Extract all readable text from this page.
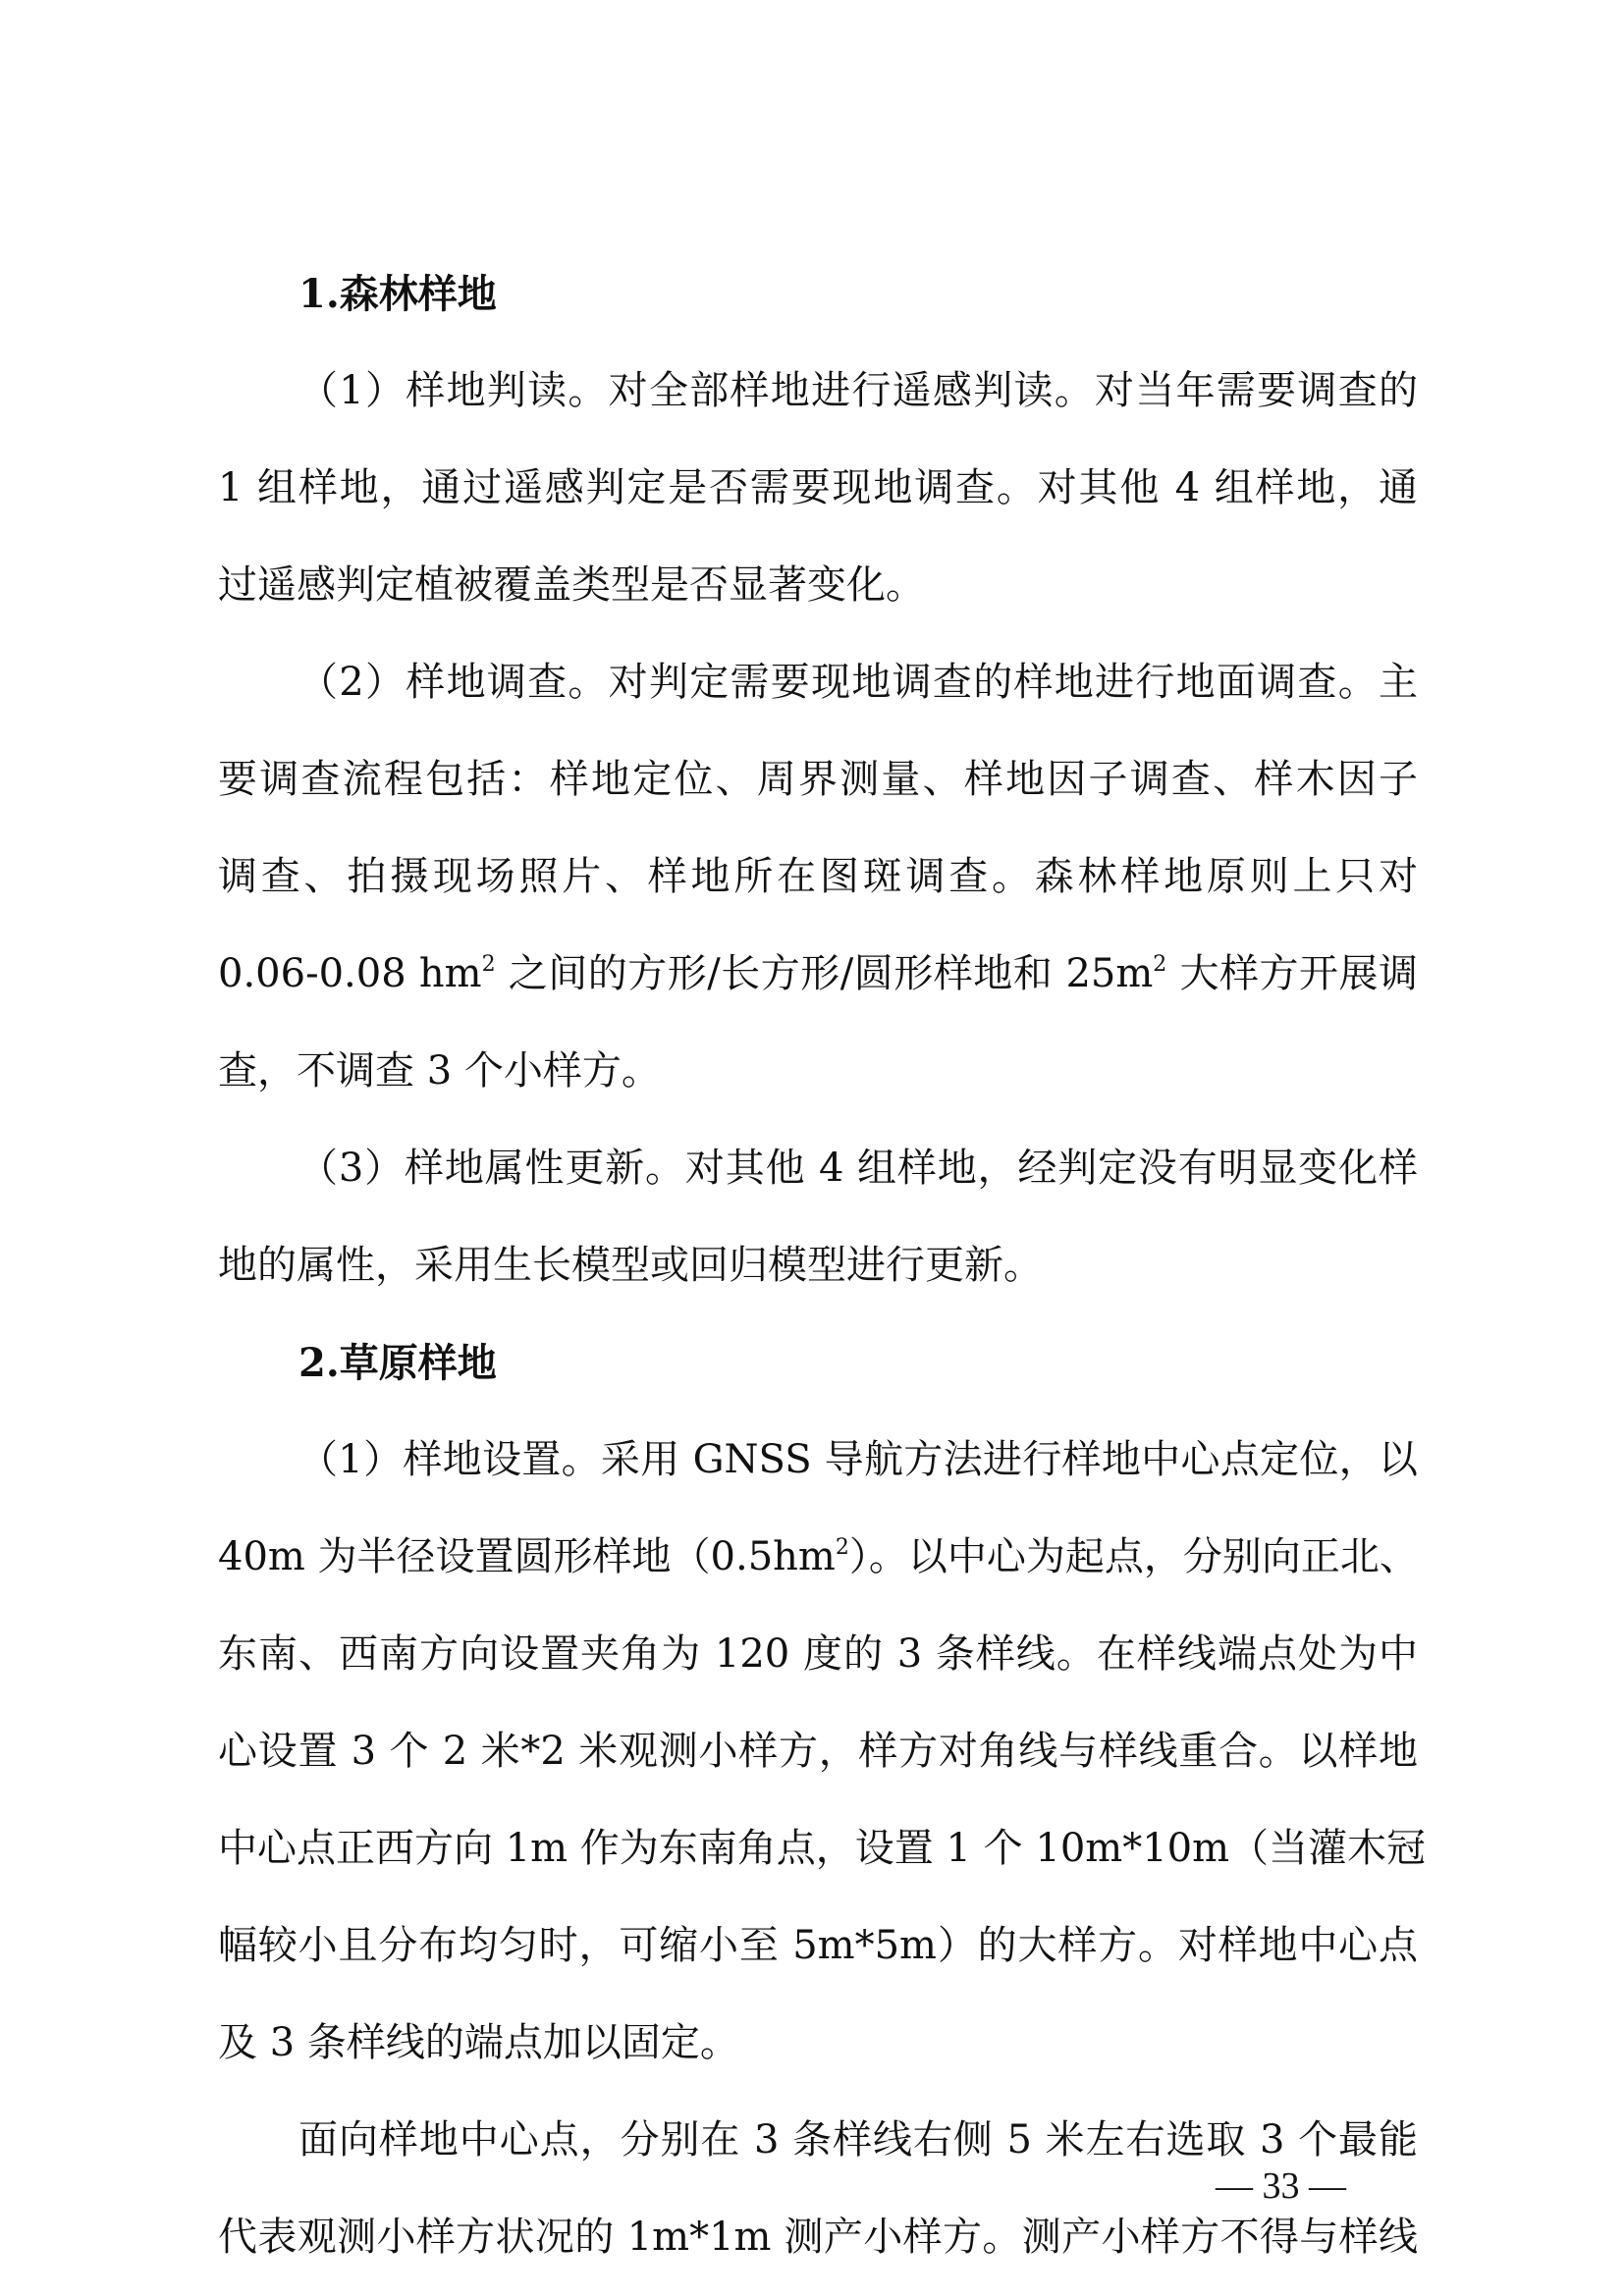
1.森林样地

（1）样地判读。对全部样地进行遥感判读。对当年需要调查的
1 组样地，通过遥感判定是否需要现地调查。对其他 4 组样地，通
过遥感判定植被覆盖类型是否显著变化。

（2）样地调查。对判定需要现地调查的样地进行地面调查。主
要调查流程包括：样地定位、周界测量、样地因子调查、样木因子
调查、拍摄现场照片、样地所在图斑调查。森林样地原则上只对
0.06-0.08 $hm^2$ 之间的方形/长方形/圆形样地和 $25m^2$ 大样方开展调
查，不调查 3 个小样方。

（3）样地属性更新。对其他 4 组样地，经判定没有明显变化样
地的属性，采用生长模型或回归模型进行更新。

2.草原样地

（1）样地设置。采用 GNSS 导航方法进行样地中心点定位，以
40m 为半径设置圆形样地$(0.5hm^2)$。以中心为起点，分别向正北、
东南、西南方向设置夹角为 120 度的 3 条样线。在样线端点处为中
心设置 3 个 2 米*2 米观测小样方，样方对角线与样线重合。以样地
中心点正西方向 1m 作为东南角点，设置 1 个 10m*10m（当灌木冠
幅较小且分布均匀时，可缩小至 5m*5m）的大样方。对样地中心点
及 3 条样线的端点加以固定。

面向样地中心点，分别在 3 条样线右侧 5 米左右选取 3 个最能
代表观测小样方状况的 1m*1m 测产小样方。测产小样方不得与样线

— 33 —
